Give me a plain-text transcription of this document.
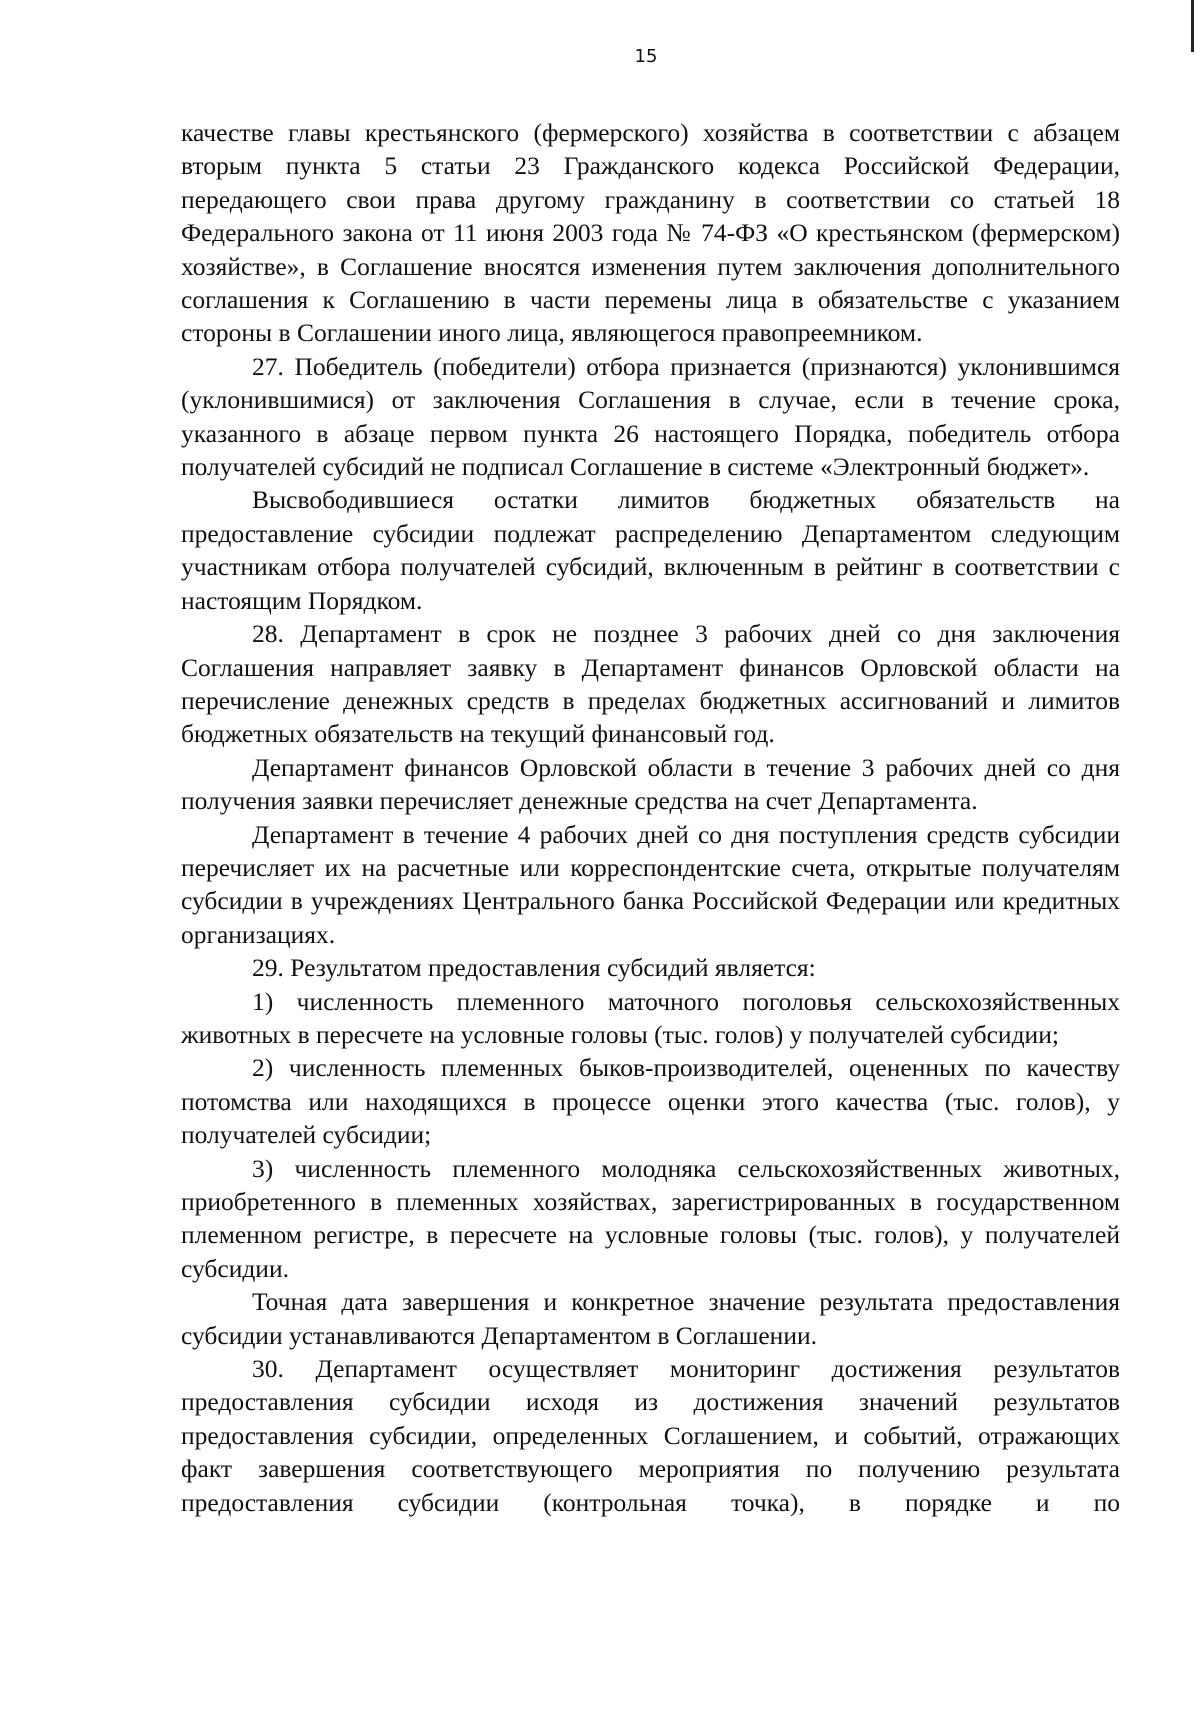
15

качестве главы крестьянского (фермерского) хозяйства в соответствии с абзацем вторым пункта 5 статьи 23 Гражданского кодекса Российской Федерации, передающего свои права другому гражданину в соответствии со статьей 18 Федерального закона от 11 июня 2003 года № 74-ФЗ «О крестьянском (фермерском) хозяйстве», в Соглашение вносятся изменения путем заключения дополнительного соглашения к Соглашению в части перемены лица в обязательстве с указанием стороны в Соглашении иного лица, являющегося правопреемником.

27. Победитель (победители) отбора признается (признаются) уклонившимся (уклонившимися) от заключения Соглашения в случае, если в течение срока, указанного в абзаце первом пункта 26 настоящего Порядка, победитель отбора получателей субсидий не подписал Соглашение в системе «Электронный бюджет».

Высвободившиеся остатки лимитов бюджетных обязательств на предоставление субсидии подлежат распределению Департаментом следующим участникам отбора получателей субсидий, включенным в рейтинг в соответствии с настоящим Порядком.

28. Департамент в срок не позднее 3 рабочих дней со дня заключения Соглашения направляет заявку в Департамент финансов Орловской области на перечисление денежных средств в пределах бюджетных ассигнований и лимитов бюджетных обязательств на текущий финансовый год.

Департамент финансов Орловской области в течение 3 рабочих дней со дня получения заявки перечисляет денежные средства на счет Департамента.

Департамент в течение 4 рабочих дней со дня поступления средств субсидии перечисляет их на расчетные или корреспондентские счета, открытые получателям субсидии в учреждениях Центрального банка Российской Федерации или кредитных организациях.

29. Результатом предоставления субсидий является:

1) численность племенного маточного поголовья сельскохозяйственных животных в пересчете на условные головы (тыс. голов) у получателей субсидии;

2) численность племенных быков-производителей, оцененных по качеству потомства или находящихся в процессе оценки этого качества (тыс. голов), у получателей субсидии;

3) численность племенного молодняка сельскохозяйственных животных, приобретенного в племенных хозяйствах, зарегистрированных в государственном племенном регистре, в пересчете на условные головы (тыс. голов), у получателей субсидии.

Точная дата завершения и конкретное значение результата предоставления субсидии устанавливаются Департаментом в Соглашении.

30. Департамент осуществляет мониторинг достижения результатов предоставления субсидии исходя из достижения значений результатов предоставления субсидии, определенных Соглашением, и событий, отражающих факт завершения соответствующего мероприятия по получению результата предоставления субсидии (контрольная точка), в порядке и по
